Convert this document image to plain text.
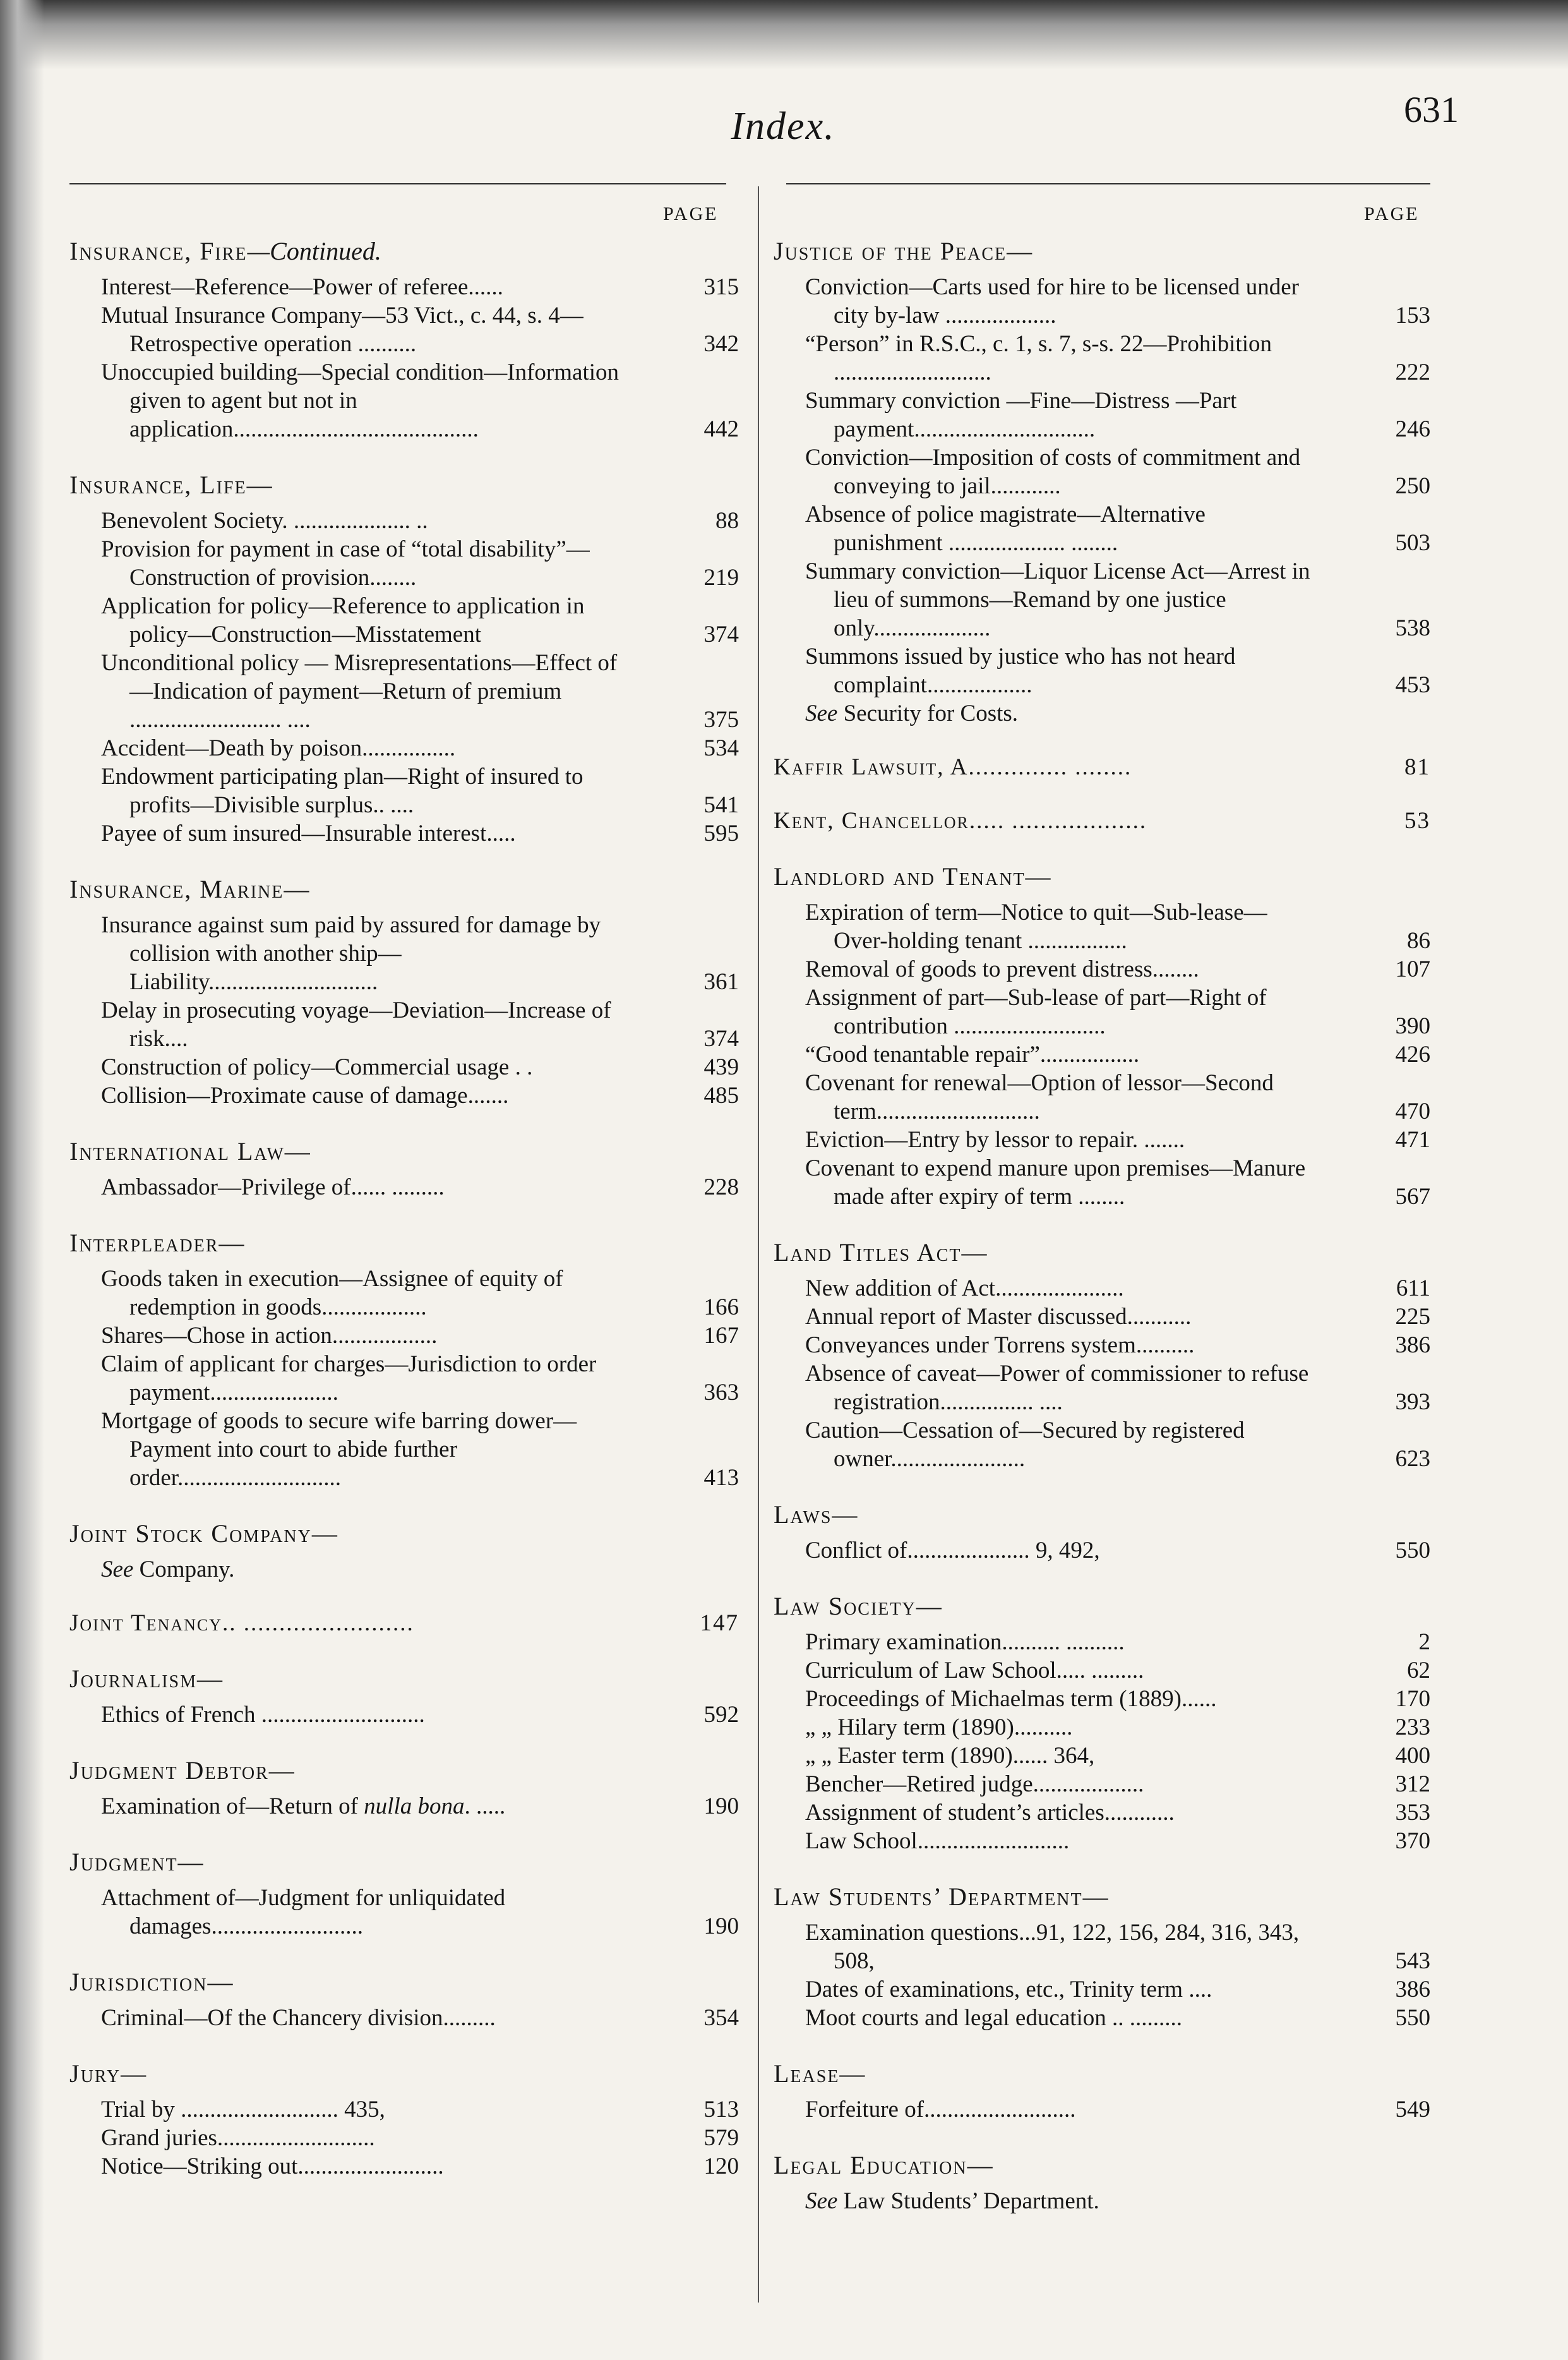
Index.	631
PAGE	PAGE
Insurance, Fire—Continued.
Interest—Reference—Power of referee......	315
Mutual Insurance Company—53 Vict., c. 44, s. 4—Retrospective operation ..........	342
Unoccupied building—Special condition—Information given to agent but not in application..........................................	442
Insurance, Life—
Benevolent Society. .................... ..	88
Provision for payment in case of “total disability”—Construction of provision........	219
Application for policy—Reference to application in policy—Construction—Misstatement	374
Unconditional policy — Misrepresentations—Effect of—Indication of payment—Return of premium .......................... ....	375
Accident—Death by poison................	534
Endowment participating plan—Right of insured to profits—Divisible surplus.. ....	541
Payee of sum insured—Insurable interest.....	595
Insurance, Marine—
Insurance against sum paid by assured for damage by collision with another ship—Liability.............................	361
Delay in prosecuting voyage—Deviation—Increase of risk....	374
Construction of policy—Commercial usage . .	439
Collision—Proximate cause of damage.......	485
International Law—
Ambassador—Privilege of...... .........	228
Interpleader—
Goods taken in execution—Assignee of equity of redemption in goods..................	166
Shares—Chose in action..................	167
Claim of applicant for charges—Jurisdiction to order payment......................	363
Mortgage of goods to secure wife barring dower—Payment into court to abide further order............................	413
Joint Stock Company—
See Company.
Joint Tenancy.. ........................	147
Journalism—
Ethics of French ............................	592
Judgment Debtor—
Examination of—Return of nulla bona. .....	190
Judgment—
Attachment of—Judgment for unliquidated damages..........................	190
Jurisdiction—
Criminal—Of the Chancery division.........	354
Jury—
Trial by ........................... 435,	513
Grand juries...........................	579
Notice—Striking out.........................	120
Justice of the Peace—
Conviction—Carts used for hire to be licensed under city by-law ...................	153
“Person” in R.S.C., c. 1, s. 7, s-s. 22—Prohibition ...........................	222
Summary conviction —Fine—Distress —Part payment...............................	246
Conviction—Imposition of costs of commitment and conveying to jail............	250
Absence of police magistrate—Alternative punishment .................... ........	503
Summary conviction—Liquor License Act—Arrest in lieu of summons—Remand by one justice only....................	538
Summons issued by justice who has not heard complaint..................	453
See Security for Costs.
Kaffir Lawsuit, A.............. ........	81
Kent, Chancellor..... ...................	53
Landlord and Tenant—
Expiration of term—Notice to quit—Sub-lease—Over-holding tenant .................	86
Removal of goods to prevent distress........	107
Assignment of part—Sub-lease of part—Right of contribution ..........................	390
“Good tenantable repair”.................	426
Covenant for renewal—Option of lessor—Second term............................	470
Eviction—Entry by lessor to repair. .......	471
Covenant to expend manure upon premises—Manure made after expiry of term ........	567
Land Titles Act—
New addition of Act......................	611
Annual report of Master discussed...........	225
Conveyances under Torrens system..........	386
Absence of caveat—Power of commissioner to refuse registration................ ....	393
Caution—Cessation of—Secured by registered owner.......................	623
Laws—
Conflict of..................... 9, 492,	550
Law Society—
Primary examination.......... ..........	2
Curriculum of Law School..... .........	62
Proceedings of Michaelmas term (1889)......	170
„ „ Hilary term (1890)..........	233
„ „ Easter term (1890)...... 364,	400
Bencher—Retired judge...................	312
Assignment of student’s articles............	353
Law School..........................	370
Law Students’ Department—
Examination questions...91, 122, 156, 284, 316, 343, 508,	543
Dates of examinations, etc., Trinity term ....	386
Moot courts and legal education .. .........	550
Lease—
Forfeiture of..........................	549
Legal Education—
See Law Students’ Department.
